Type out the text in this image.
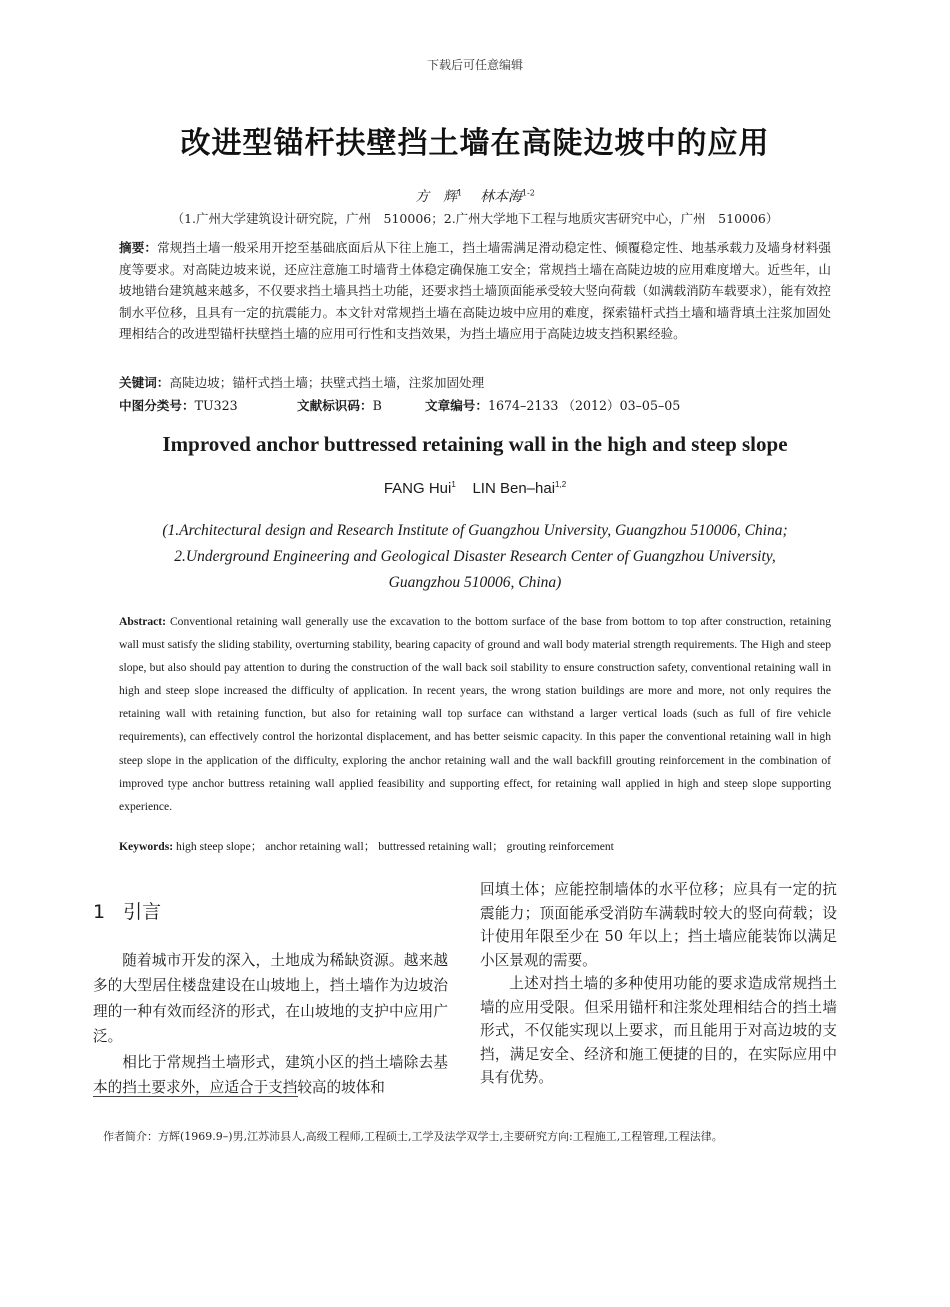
下载后可任意编辑
改进型锚杆扶壁挡土墙在高陡边坡中的应用
方　辉$^1$ 林本海$^{1-2}$
（1.广州大学建筑设计研究院，广州　510006；2.广州大学地下工程与地质灾害研究中心，广州　510006）
摘要：常规挡土墙一般采用开挖至基础底面后从下往上施工，挡土墙需满足滑动稳定性、倾覆稳定性、地基承载力及墙身材料强度等要求。对高陡边坡来说，还应注意施工时墙背土体稳定确保施工安全；常规挡土墙在高陡边坡的应用难度增大。近些年，山坡地错台建筑越来越多，不仅要求挡土墙具挡土功能，还要求挡土墙顶面能承受较大竖向荷载（如满载消防车载要求），能有效控制水平位移，且具有一定的抗震能力。本文针对常规挡土墙在高陡边坡中应用的难度，探索锚杆式挡土墙和墙背填土注浆加固处理相结合的改进型锚杆扶壁挡土墙的应用可行性和支挡效果，为挡土墙应用于高陡边坡支挡积累经验。
关键词：高陡边坡；锚杆式挡土墙；扶壁式挡土墙，注浆加固处理
中图分类号：TU323	文献标识码：B	文章编号：1674–2133 （2012）03–05–05
Improved anchor buttressed retaining wall in the high and steep slope
FANG Hui$^1$ LIN Ben–hai$^{1,2}$
(1.Architectural design and Research Institute of Guangzhou University, Guangzhou 510006, China;
2.Underground Engineering and Geological Disaster Research Center of Guangzhou University,
Guangzhou 510006, China)
Abstract: Conventional retaining wall generally use the excavation to the bottom surface of the base from bottom to top after construction, retaining wall must satisfy the sliding stability, overturning stability, bearing capacity of ground and wall body material strength requirements. The High and steep slope, but also should pay attention to during the construction of the wall back soil stability to ensure construction safety, conventional retaining wall in high and steep slope increased the difficulty of application. In recent years, the wrong station buildings are more and more, not only requires the retaining wall with retaining function, but also for retaining wall top surface can withstand a larger vertical loads (such as full of fire vehicle requirements), can effectively control the horizontal displacement, and has better seismic capacity. In this paper the conventional retaining wall in high steep slope in the application of the difficulty, exploring the anchor retaining wall and the wall backfill grouting reinforcement in the combination of improved type anchor buttress retaining wall applied feasibility and supporting effect, for retaining wall applied in high and steep slope supporting experience.
Keywords: high steep slope； anchor retaining wall； buttressed retaining wall； grouting reinforcement
1 引言

随着城市开发的深入，土地成为稀缺资源。越来越多的大型居住楼盘建设在山坡地上，挡土墙作为边坡治理的一种有效而经济的形式，在山坡地的支护中应用广泛。

相比于常规挡土墙形式，建筑小区的挡土墙除去基本的挡土要求外，应适合于支挡较高的坡体和

回填土体；应能控制墙体的水平位移；应具有一定的抗震能力；顶面能承受消防车满载时较大的竖向荷载；设计使用年限至少在 50 年以上；挡土墙应能装饰以满足小区景观的需要。

上述对挡土墙的多种使用功能的要求造成常规挡土墙的应用受限。但采用锚杆和注浆处理相结合的挡土墙形式，不仅能实现以上要求，而且能用于对高边坡的支挡，满足安全、经济和施工便捷的目的，在实际应用中具有优势。

作者简介：方辉(1969.9–)男,江苏沛县人,高级工程师,工程硕士,工学及法学双学士,主要研究方向:工程施工,工程管理,工程法律。
